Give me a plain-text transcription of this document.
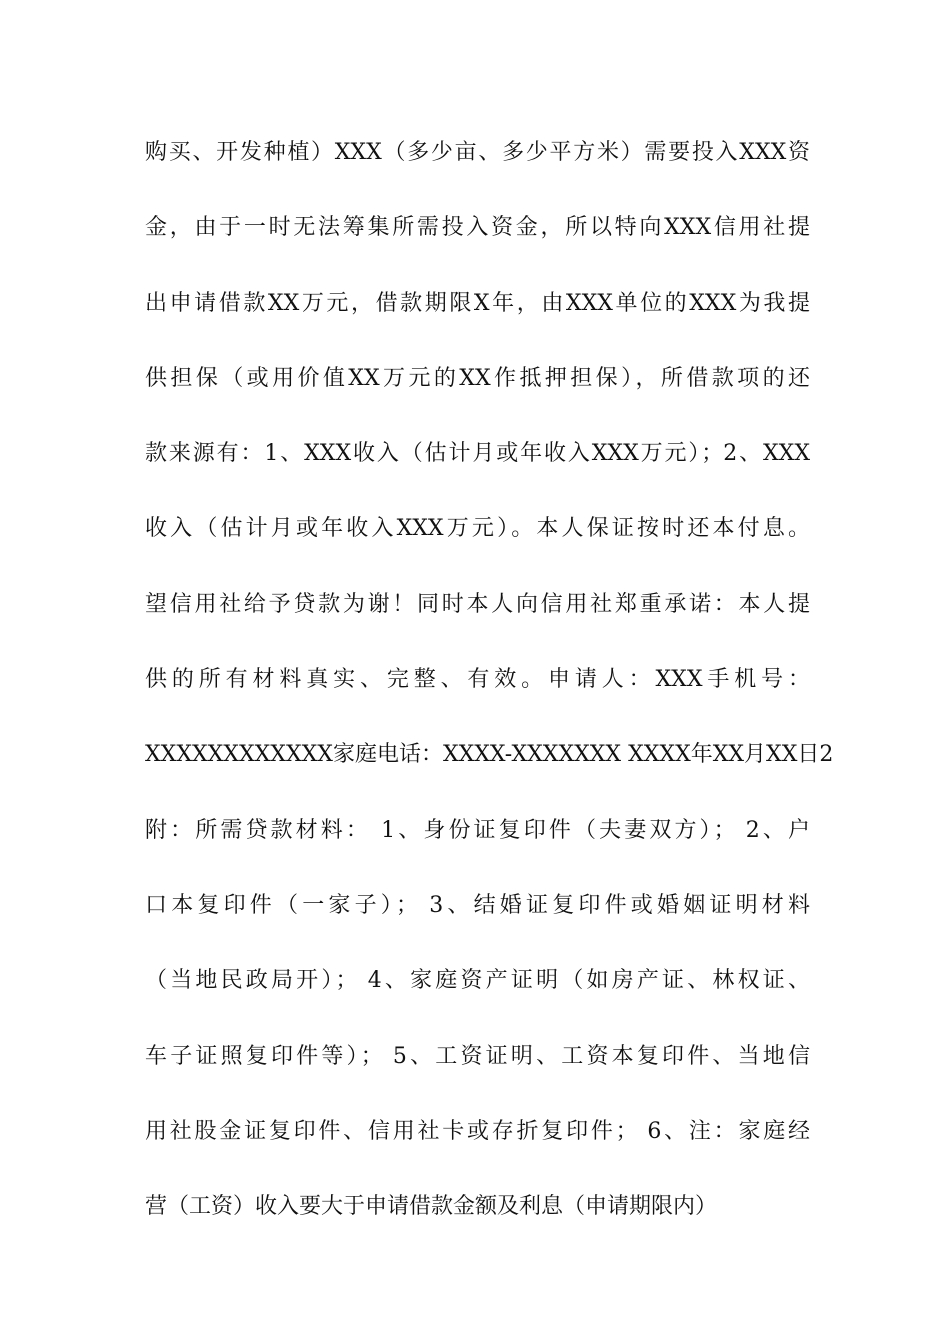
购买、开发种植）XXX（多少亩、多少平方米）需要投入XXX资
金，由于一时无法筹集所需投入资金，所以特向XXX信用社提
出申请借款XX万元，借款期限X年，由XXX单位的XXX为我提
供担保（或用价值XX万元的XX作抵押担保），所借款项的还
款来源有：1、XXX收入（估计月或年收入XXX万元）；2、XXX
收入（估计月或年收入XXX万元）。本人保证按时还本付息。
望信用社给予贷款为谢！同时本人向信用社郑重承诺：本人提
供的所有材料真实、完整、有效。申请人：XXX手机号：
XXXXXXXXXXXX家庭电话：XXXX-XXXXXXX XXXX年XX月XX日2
附：所需贷款材料： 1、身份证复印件（夫妻双方）； 2、户
口本复印件（一家子）； 3、结婚证复印件或婚姻证明材料
（当地民政局开）； 4、家庭资产证明（如房产证、林权证、
车子证照复印件等）； 5、工资证明、工资本复印件、当地信
用社股金证复印件、信用社卡或存折复印件； 6、注：家庭经
营（工资）收入要大于申请借款金额及利息（申请期限内）
